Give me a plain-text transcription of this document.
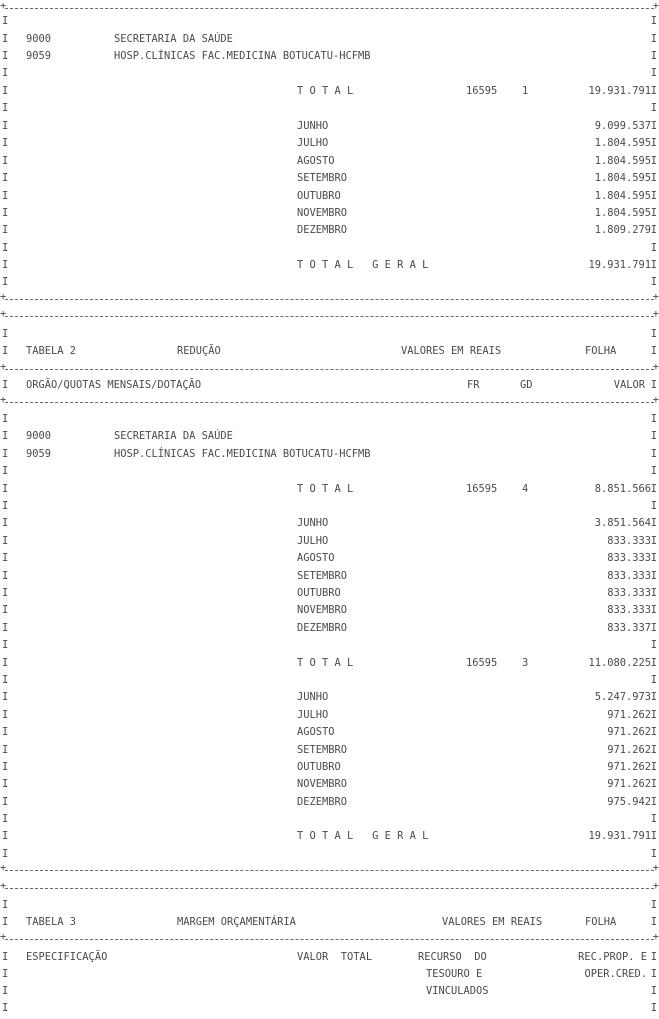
+	+
I	I
I 9000	SECRETARIA DA SAÚDE	I
I 9059	HOSP.CLÍNICAS FAC.MEDICINA BOTUCATU-HCFMB	I
I	I
I	T O T A L	16595 1	19.931.791 I
I	I
I	JUNHO	9.099.537 I
I	JULHO	1.804.595 I
I	AGOSTO	1.804.595 I
I	SETEMBRO	1.804.595 I
I	OUTUBRO	1.804.595 I
I	NOVEMBRO	1.804.595 I
I	DEZEMBRO	1.809.279 I
I	I
I	T O T A L   G E R A L	19.931.791 I
I	I
+	+
+	+
I	I
I TABELA 2	REDUÇÃO	VALORES EM REAIS	FOLHA	I
+	+
I ORGÃO/QUOTAS MENSAIS/DOTAÇÃO	FR	GD	VALOR I
+	+
I	I
I 9000	SECRETARIA DA SAÚDE	I
I 9059	HOSP.CLÍNICAS FAC.MEDICINA BOTUCATU-HCFMB	I
I	I
I	T O T A L	16595 4	8.851.566 I
I	I
I	JUNHO	3.851.564 I
I	JULHO	833.333 I
I	AGOSTO	833.333 I
I	SETEMBRO	833.333 I
I	OUTUBRO	833.333 I
I	NOVEMBRO	833.333 I
I	DEZEMBRO	833.337 I
I	I
I	T O T A L	16595 3	11.080.225 I
I	I
I	JUNHO	5.247.973 I
I	JULHO	971.262 I
I	AGOSTO	971.262 I
I	SETEMBRO	971.262 I
I	OUTUBRO	971.262 I
I	NOVEMBRO	971.262 I
I	DEZEMBRO	975.942 I
I	I
I	T O T A L   G E R A L	19.931.791 I
I	I
+	+
+	+
I	I
I TABELA 3	MARGEM ORÇAMENTÁRIA	VALORES EM REAIS	FOLHA	I
+	+
I ESPECIFICAÇÃO	VALOR  TOTAL	RECURSO  DO	REC.PROP. E I
I	TESOURO E	OPER.CRED. I
I	VINCULADOS	I
I	I
